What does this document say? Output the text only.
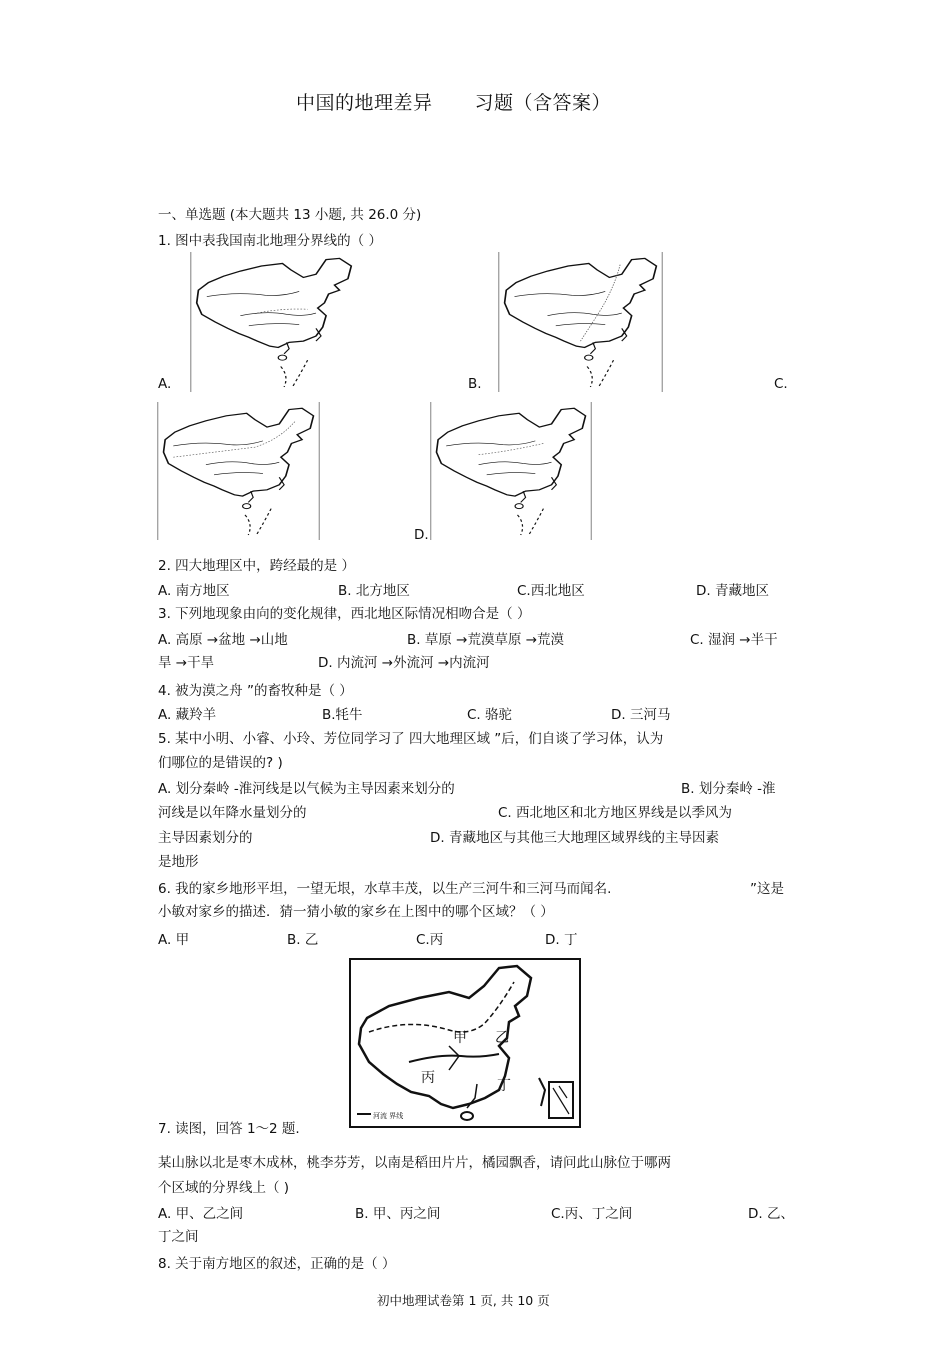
中国的地理差异 习题（含答案）
一、单选题 (本大题共 13 小题, 共 26.0 分)
1. 图中表我国南北地理分界线的（ ）
A.	B.	C.
D.
2. 四大地理区中，跨经最的是 ）
A. 南方地区	B. 北方地区	C.西北地区	D. 青藏地区
3. 下列地现象由向的变化规律，西北地区际情况相吻合是（ ）
A. 高原 →盆地 →山地	B. 草原 →荒漠草原 →荒漠	C. 湿润 →半干
旱 →干旱	D. 内流河 →外流河 →内流河
4. 被为漠之舟 ”的畜牧种是（ ）
A. 藏羚羊	B.牦牛	C. 骆驼	D. 三河马
5. 某中小明、小睿、小玲、芳位同学习了 四大地理区域 ”后，们自谈了学习体，认为
们哪位的是错误的? )
A. 划分秦岭 -淮河线是以气候为主导因素来划分的	B. 划分秦岭 -淮
河线是以年降水量划分的	C. 西北地区和北方地区界线是以季风为
主导因素划分的	D. 青藏地区与其他三大地理区域界线的主导因素
是地形
6. 我的家乡地形平坦，一望无垠，水草丰茂，以生产三河牛和三河马而闻名.	”这是
小敏对家乡的描述．猜一猜小敏的家乡在上图中的哪个区域？（ ）
A. 甲	B. 乙	C.丙	D. 丁
河流 界线
甲 乙
丙	丁
7. 读图，回答 1～2 题.
某山脉以北是枣木成林，桃李芬芳，以南是稻田片片，橘园飘香，请问此山脉位于哪两
个区域的分界线上（ )
A. 甲、乙之间	B. 甲、丙之间	C.丙、丁之间	D. 乙、
丁之间
8. 关于南方地区的叙述，正确的是（ ）
初中地理试卷第 1 页, 共 10 页
